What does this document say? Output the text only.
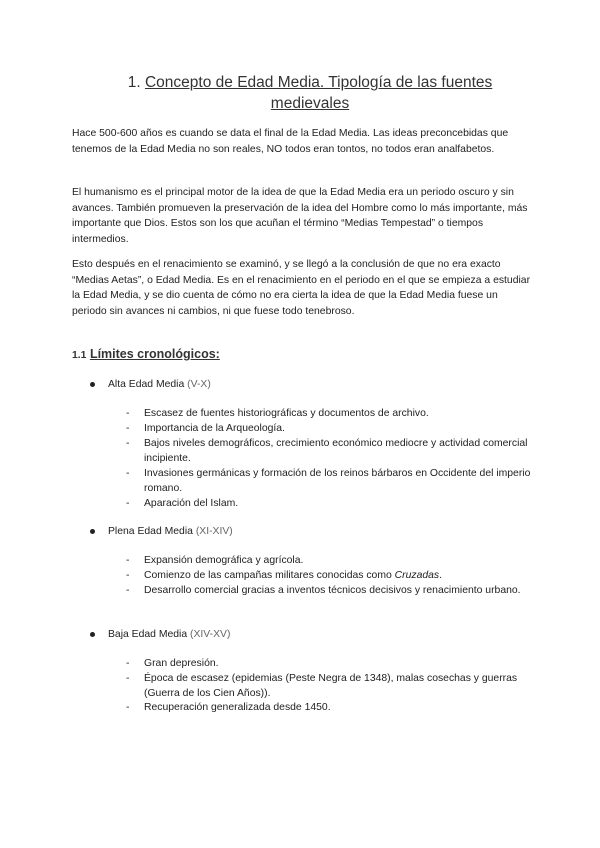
1. Concepto de Edad Media. Tipología de las fuentes medievales

Hace 500-600 años es cuando se data el final de la Edad Media. Las ideas preconcebidas que tenemos de la Edad Media no son reales, NO todos eran tontos, no todos eran analfabetos.

El humanismo es el principal motor de la idea de que la Edad Media era un periodo oscuro y sin avances. También promueven la preservación de la idea del Hombre como lo más importante, más importante que Dios. Estos son los que acuñan el término “Medias Tempestad” o tiempos intermedios.

Esto después en el renacimiento se examinó, y se llegó a la conclusión de que no era exacto “Medias Aetas”, o Edad Media. Es en el renacimiento en el periodo en el que se empieza a estudiar la Edad Media, y se dio cuenta de cómo no era cierta la idea de que la Edad Media fuese un periodo sin avances ni cambios, ni que fuese todo tenebroso.

1.1 Límites cronológicos:
Alta Edad Media (V-X)
- Escasez de fuentes historiográficas y documentos de archivo.
- Importancia de la Arqueología.
- Bajos niveles demográficos, crecimiento económico mediocre y actividad comercial incipiente.
- Invasiones germánicas y formación de los reinos bárbaros en Occidente del imperio romano.
- Aparación del Islam.
Plena Edad Media (XI-XIV)
- Expansión demográfica y agrícola.
- Comienzo de las campañas militares conocidas como Cruzadas.
- Desarrollo comercial gracias a inventos técnicos decisivos y renacimiento urbano.
Baja Edad Media (XIV-XV)
- Gran depresión.
- Época de escasez (epidemias (Peste Negra de 1348), malas cosechas y guerras (Guerra de los Cien Años)).
- Recuperación generalizada desde 1450.
